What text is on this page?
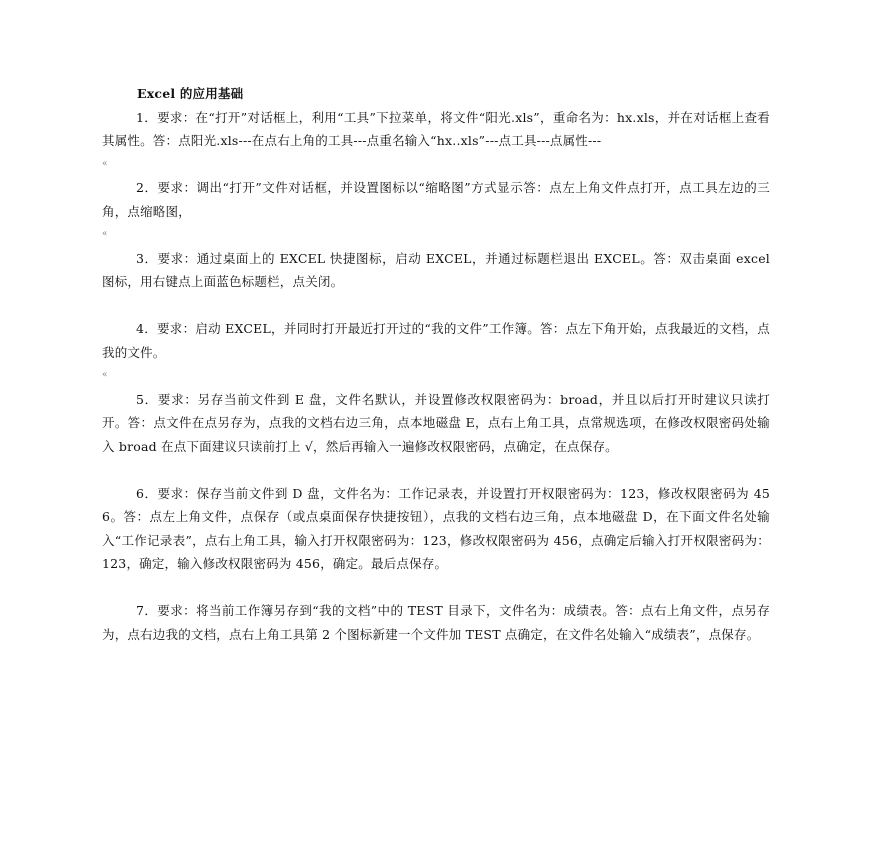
Excel 的应用基础

1．要求：在“打开”对话框上，利用“工具”下拉菜单，将文件“阳光.xls”，重命名为：hx.xls，并在对话框上查看其属性。答：点阳光.xls---在点右上角的工具---点重名输入“hx..xls”---点工具---点属性---

«

2．要求：调出“打开”文件对话框，并设置图标以“缩略图”方式显示答：点左上角文件点打开，点工具左边的三角，点缩略图，

«

3．要求：通过桌面上的 EXCEL 快捷图标，启动 EXCEL，并通过标题栏退出 EXCEL。答：双击桌面 excel 图标，用右键点上面蓝色标题栏，点关闭。

4．要求：启动 EXCEL，并同时打开最近打开过的“我的文件”工作簿。答：点左下角开始，点我最近的文档，点我的文件。

«

5．要求：另存当前文件到 E 盘，文件名默认，并设置修改权限密码为：broad，并且以后打开时建议只读打开。答：点文件在点另存为，点我的文档右边三角，点本地磁盘 E，点右上角工具，点常规选项，在修改权限密码处输入 broad 在点下面建议只读前打上 √，然后再输入一遍修改权限密码，点确定，在点保存。

6．要求：保存当前文件到 D 盘，文件名为：工作记录表，并设置打开权限密码为：123，修改权限密码为 456。答：点左上角文件，点保存（或点桌面保存快捷按钮），点我的文档右边三角，点本地磁盘 D，在下面文件名处输入“工作记录表”，点右上角工具，输入打开权限密码为：123，修改权限密码为 456，点确定后输入打开权限密码为：123，确定，输入修改权限密码为 456，确定。最后点保存。

7．要求：将当前工作簿另存到“我的文档”中的 TEST 目录下，文件名为：成绩表。答：点右上角文件，点另存为，点右边我的文档，点右上角工具第 2 个图标新建一个文件加 TEST 点确定，在文件名处输入“成绩表”，点保存。
